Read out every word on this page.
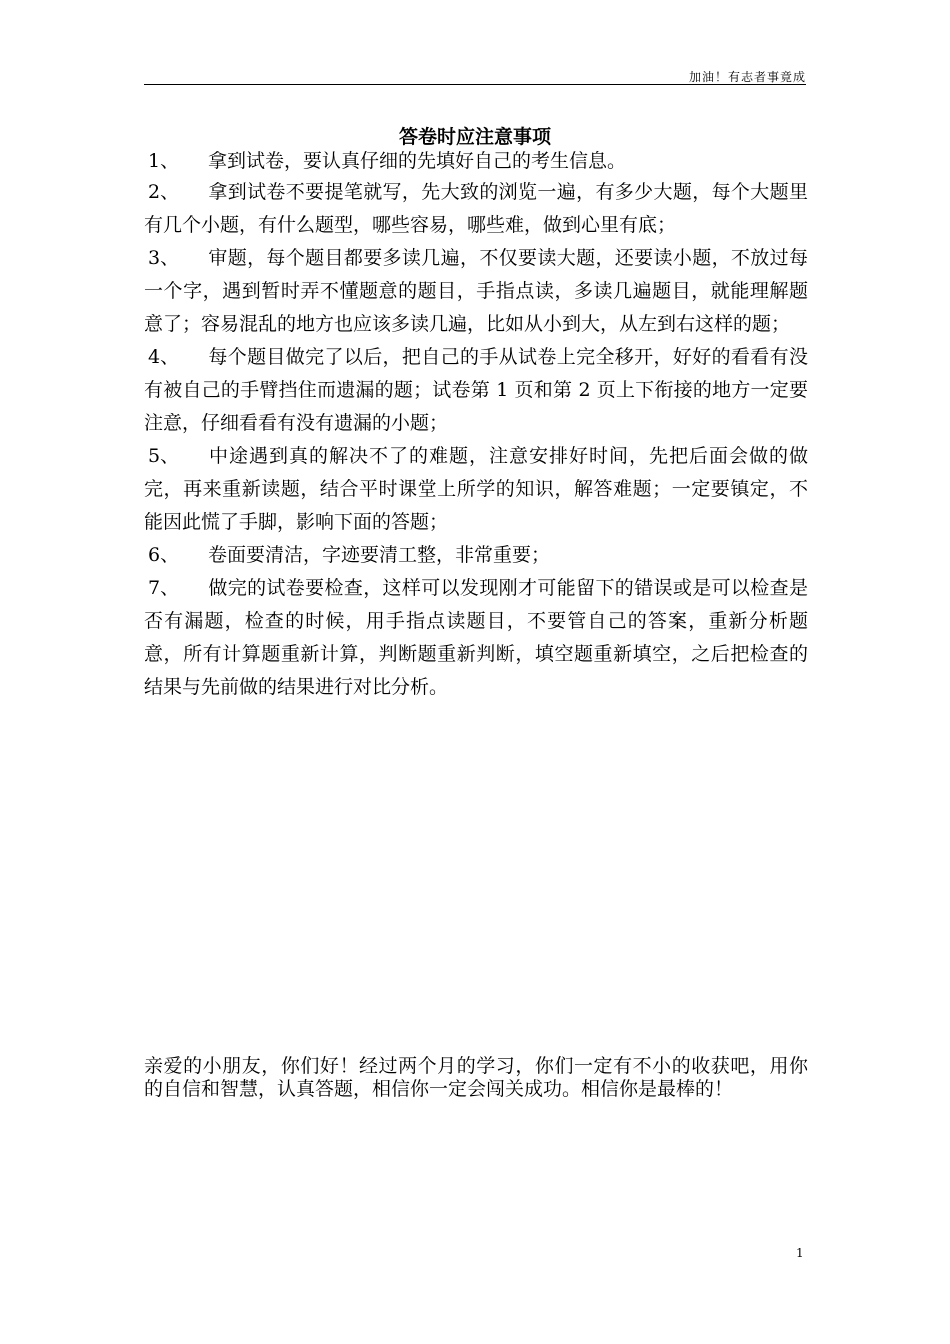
加油！有志者事竟成
答卷时应注意事项

1、 拿到试卷，要认真仔细的先填好自己的考生信息。

2、 拿到试卷不要提笔就写，先大致的浏览一遍，有多少大题，每个大题里有几个小题，有什么题型，哪些容易，哪些难，做到心里有底；

3、 审题，每个题目都要多读几遍，不仅要读大题，还要读小题，不放过每一个字，遇到暂时弄不懂题意的题目，手指点读，多读几遍题目，就能理解题意了；容易混乱的地方也应该多读几遍，比如从小到大，从左到右这样的题；

4、 每个题目做完了以后，把自己的手从试卷上完全移开，好好的看看有没有被自己的手臂挡住而遗漏的题；试卷第 1 页和第 2 页上下衔接的地方一定要注意，仔细看看有没有遗漏的小题；

5、 中途遇到真的解决不了的难题，注意安排好时间，先把后面会做的做完，再来重新读题，结合平时课堂上所学的知识，解答难题；一定要镇定，不能因此慌了手脚，影响下面的答题；

6、 卷面要清洁，字迹要清工整，非常重要；

7、 做完的试卷要检查，这样可以发现刚才可能留下的错误或是可以检查是否有漏题，检查的时候，用手指点读题目，不要管自己的答案，重新分析题意，所有计算题重新计算，判断题重新判断，填空题重新填空，之后把检查的结果与先前做的结果进行对比分析。

亲爱的小朋友，你们好！经过两个月的学习，你们一定有不小的收获吧，用你的自信和智慧，认真答题，相信你一定会闯关成功。相信你是最棒的！
1
